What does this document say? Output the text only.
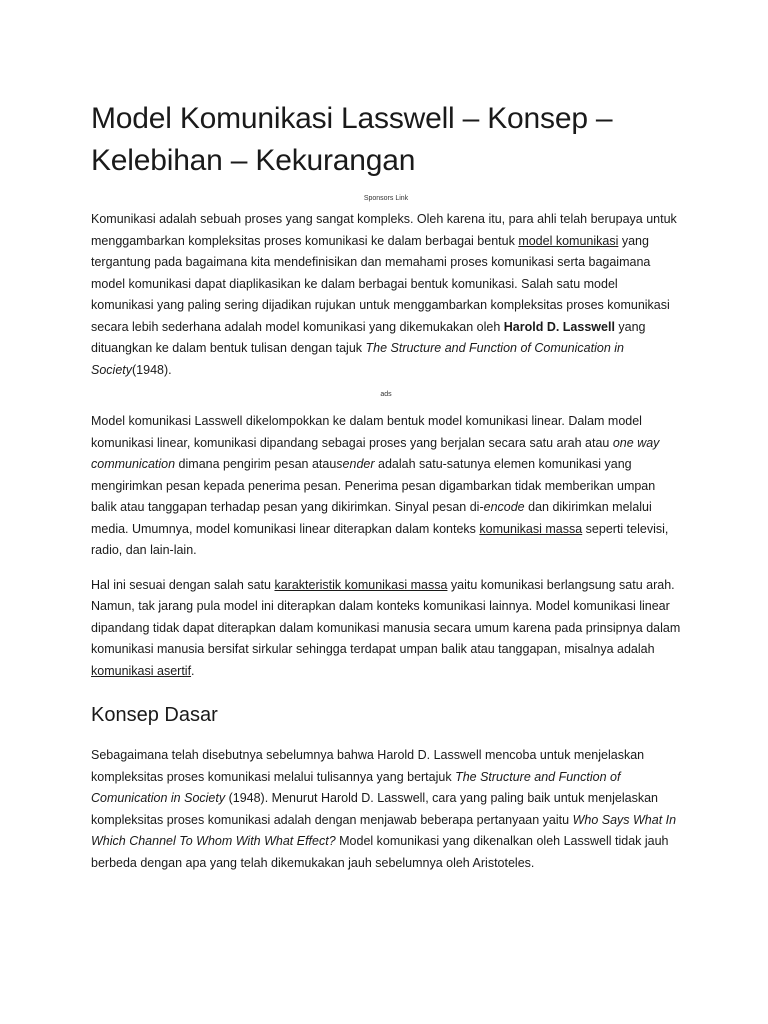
Model Komunikasi Lasswell – Konsep – Kelebihan – Kekurangan

Sponsors Link

Komunikasi adalah sebuah proses yang sangat kompleks. Oleh karena itu, para ahli telah berupaya untuk menggambarkan kompleksitas proses komunikasi ke dalam berbagai bentuk model komunikasi yang tergantung pada bagaimana kita mendefinisikan dan memahami proses komunikasi serta bagaimana model komunikasi dapat diaplikasikan ke dalam berbagai bentuk komunikasi. Salah satu model komunikasi yang paling sering dijadikan rujukan untuk menggambarkan kompleksitas proses komunikasi secara lebih sederhana adalah model komunikasi yang dikemukakan oleh Harold D. Lasswell yang dituangkan ke dalam bentuk tulisan dengan tajuk The Structure and Function of Comunication in Society(1948).

ads

Model komunikasi Lasswell dikelompokkan ke dalam bentuk model komunikasi linear. Dalam model komunikasi linear, komunikasi dipandang sebagai proses yang berjalan secara satu arah atau one way communication dimana pengirim pesan atausender adalah satu-satunya elemen komunikasi yang mengirimkan pesan kepada penerima pesan. Penerima pesan digambarkan tidak memberikan umpan balik atau tanggapan terhadap pesan yang dikirimkan. Sinyal pesan di-encode dan dikirimkan melalui media. Umumnya, model komunikasi linear diterapkan dalam konteks komunikasi massa seperti televisi, radio, dan lain-lain.

Hal ini sesuai dengan salah satu karakteristik komunikasi massa yaitu komunikasi berlangsung satu arah. Namun, tak jarang pula model ini diterapkan dalam konteks komunikasi lainnya. Model komunikasi linear dipandang tidak dapat diterapkan dalam komunikasi manusia secara umum karena pada prinsipnya dalam komunikasi manusia bersifat sirkular sehingga terdapat umpan balik atau tanggapan, misalnya adalah komunikasi asertif.

Konsep Dasar

Sebagaimana telah disebutnya sebelumnya bahwa Harold D. Lasswell mencoba untuk menjelaskan kompleksitas proses komunikasi melalui tulisannya yang bertajuk The Structure and Function of Comunication in Society (1948). Menurut Harold D. Lasswell, cara yang paling baik untuk menjelaskan kompleksitas proses komunikasi adalah dengan menjawab beberapa pertanyaan yaitu Who Says What In Which Channel To Whom With What Effect? Model komunikasi yang dikenalkan oleh Lasswell tidak jauh berbeda dengan apa yang telah dikemukakan jauh sebelumnya oleh Aristoteles.
